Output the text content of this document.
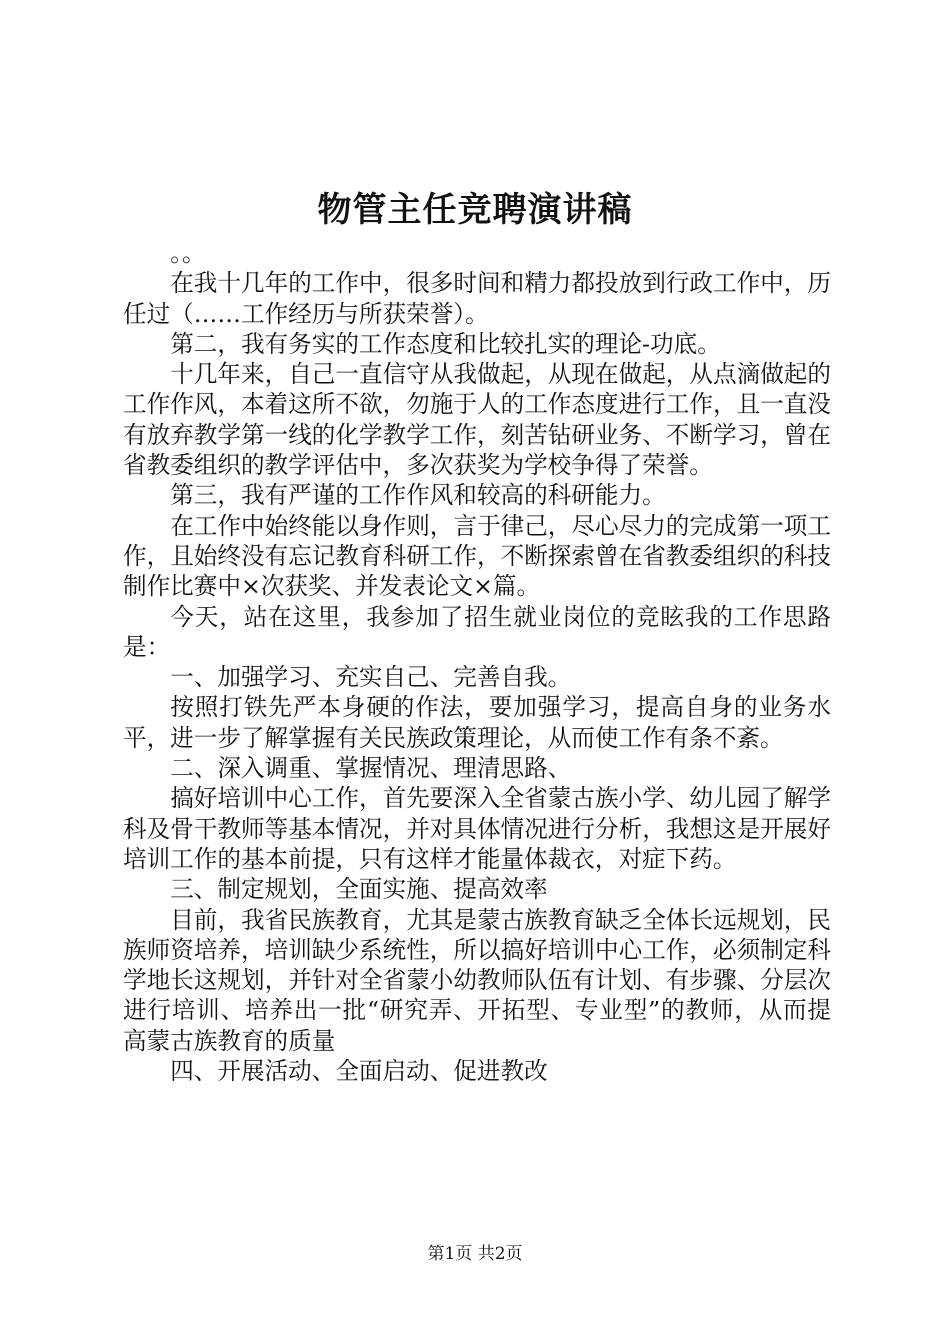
物管主任竞聘演讲稿

。。

在我十几年的工作中，很多时间和精力都投放到行政工作中，历任过（……工作经历与所获荣誉）。

第二，我有务实的工作态度和比较扎实的理论-功底。

十几年来，自己一直信守从我做起，从现在做起，从点滴做起的工作作风，本着这所不欲，勿施于人的工作态度进行工作，且一直没有放弃教学第一线的化学教学工作，刻苦钻研业务、不断学习，曾在省教委组织的教学评估中，多次获奖为学校争得了荣誉。

第三，我有严谨的工作作风和较高的科研能力。

在工作中始终能以身作则，言于律己，尽心尽力的完成第一项工作，且始终没有忘记教育科研工作，不断探索曾在省教委组织的科技制作比赛中×次获奖、并发表论文×篇。

今天，站在这里，我参加了招生就业岗位的竞眩我的工作思路是：

一、加强学习、充实自己、完善自我。

按照打铁先严本身硬的作法，要加强学习，提高自身的业务水平，进一步了解掌握有关民族政策理论，从而使工作有条不紊。

二、深入调重、掌握情况、理清思路、

搞好培训中心工作，首先要深入全省蒙古族小学、幼儿园了解学科及骨干教师等基本情况，并对具体情况进行分析，我想这是开展好培训工作的基本前提，只有这样才能量体裁衣，对症下药。

三、制定规划，全面实施、提高效率

目前，我省民族教育，尤其是蒙古族教育缺乏全体长远规划，民族师资培养，培训缺少系统性，所以搞好培训中心工作，必须制定科学地长这规划，并针对全省蒙小幼教师队伍有计划、有步骤、分层次进行培训、培养出一批“研究弄、开拓型、专业型”的教师，从而提高蒙古族教育的质量

四、开展活动、全面启动、促进教改

第1页 共2页
